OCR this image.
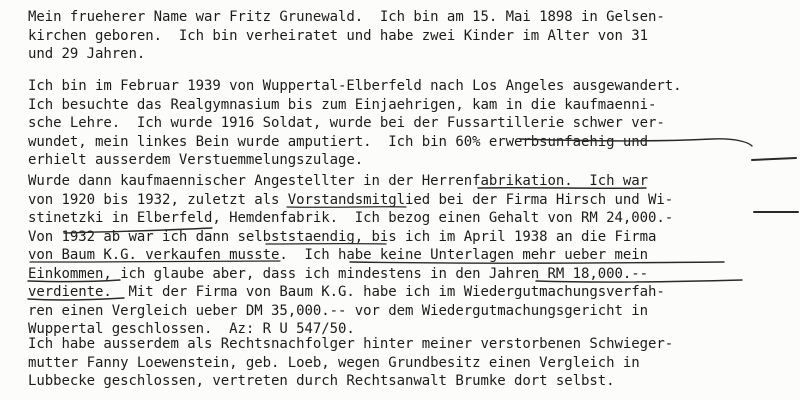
Mein frueherer Name war Fritz Grunewald.  Ich bin am 15. Mai 1898 in Gelsen-
kirchen geboren.  Ich bin verheiratet und habe zwei Kinder im Alter von 31
und 29 Jahren.
Ich bin im Februar 1939 von Wuppertal-Elberfeld nach Los Angeles ausgewandert.
Ich besuchte das Realgymnasium bis zum Einjaehrigen, kam in die kaufmaenni-
sche Lehre.  Ich wurde 1916 Soldat, wurde bei der Fussartillerie schwer ver-
wundet, mein linkes Bein wurde amputiert.  Ich bin 60% erwerbsunfaehig und
erhielt ausserdem Verstuemmelungszulage.
Wurde dann kaufmaennischer Angestellter in der Herrenfabrikation.  Ich war
von 1920 bis 1932, zuletzt als Vorstandsmitglied bei der Firma Hirsch und Wi-
stinetzki in Elberfeld, Hemdenfabrik.  Ich bezog einen Gehalt von RM 24,000.-
Von 1932 ab war ich dann selbststaendig, bis ich im April 1938 an die Firma
von Baum K.G. verkaufen musste.  Ich habe keine Unterlagen mehr ueber mein
Einkommen, ich glaube aber, dass ich mindestens in den Jahren RM 18,000.--
verdiente.  Mit der Firma von Baum K.G. habe ich im Wiedergutmachungsverfah-
ren einen Vergleich ueber DM 35,000.-- vor dem Wiedergutmachungsgericht in
Wuppertal geschlossen.  Az: R U 547/50.
Ich habe ausserdem als Rechtsnachfolger hinter meiner verstorbenen Schwieger-
mutter Fanny Loewenstein, geb. Loeb, wegen Grundbesitz einen Vergleich in
Lubbecke geschlossen, vertreten durch Rechtsanwalt Brumke dort selbst.
